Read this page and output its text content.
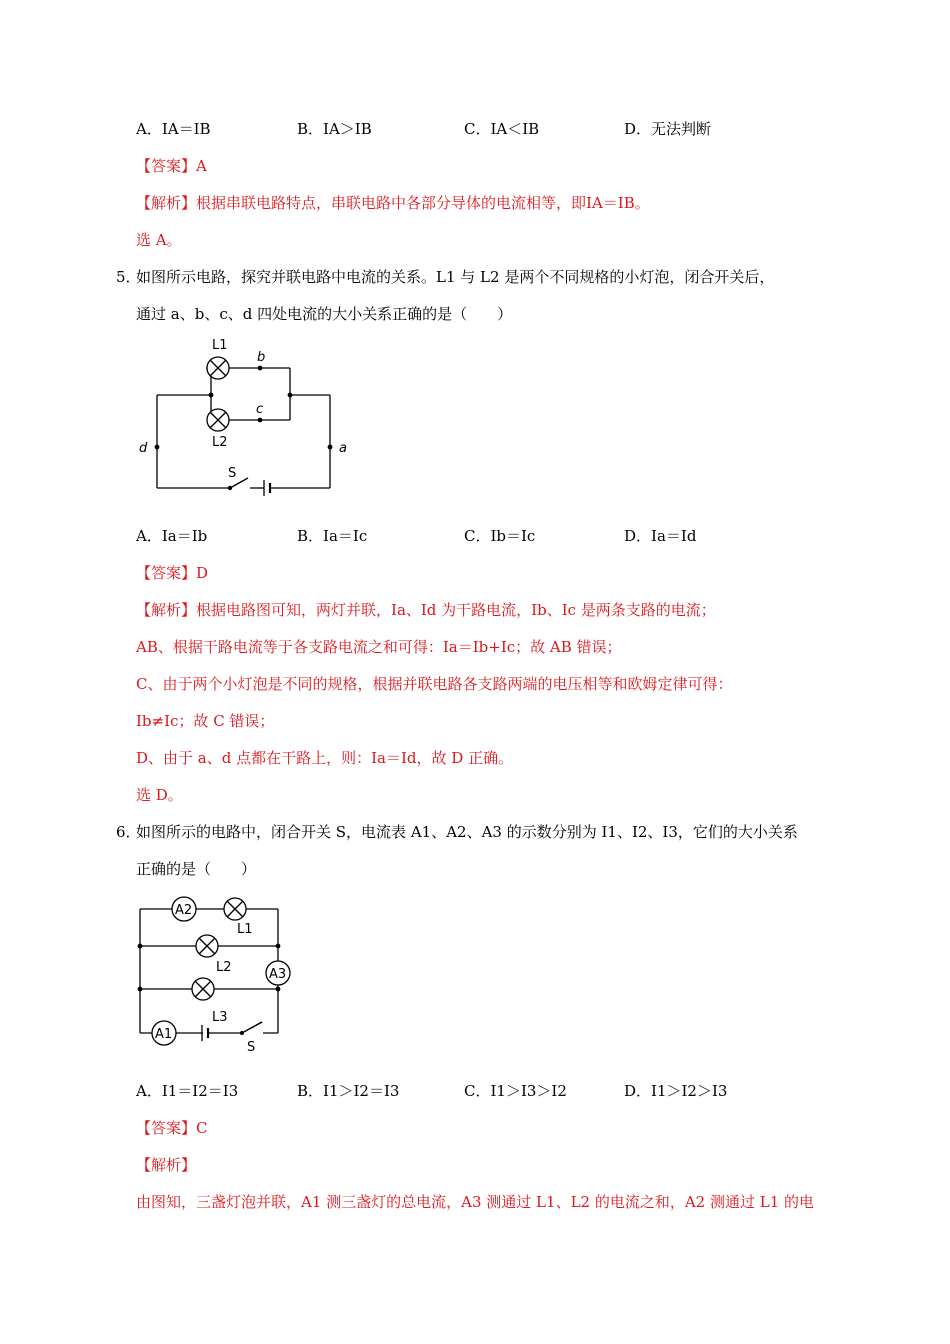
A．IA＝IB	B．IA＞IB	C．IA＜IB	D．无法判断
【答案】A
【解析】根据串联电路特点，串联电路中各部分导体的电流相等，即IA＝IB。
选 A。
5．
如图所示电路，探究并联电路中电流的关系。L1 与 L2 是两个不同规格的小灯泡，闭合开关后，
通过 a、b、c、d 四处电流的大小关系正确的是（　　）
L1
L2
b
c
d	a
S
A．Ia＝Ib	B．Ia＝Ic	C．Ib＝Ic	D．Ia＝Id
【答案】D
【解析】根据电路图可知，两灯并联，Ia、Id 为干路电流，Ib、Ic 是两条支路的电流；
AB、根据干路电流等于各支路电流之和可得：Ia＝Ib+Ic；故 AB 错误；
C、由于两个小灯泡是不同的规格，根据并联电路各支路两端的电压相等和欧姆定律可得：
Ib≠Ic；故 C 错误；
D、由于 a、d 点都在干路上，则：Ia＝Id，故 D 正确。
选 D。
6．
如图所示的电路中，闭合开关 S，电流表 A1、A2、A3 的示数分别为 I1、I2、I3，它们的大小关系
正确的是（　　）
A2
A3
A1
L1
L2
L3
S
A．I1＝I2＝I3	B．I1＞I2＝I3	C．I1＞I3＞I2	D．I1＞I2＞I3
【答案】C
【解析】
由图知，三盏灯泡并联，A1 测三盏灯的总电流，A3 测通过 L1、L2 的电流之和，A2 测通过 L1 的电
